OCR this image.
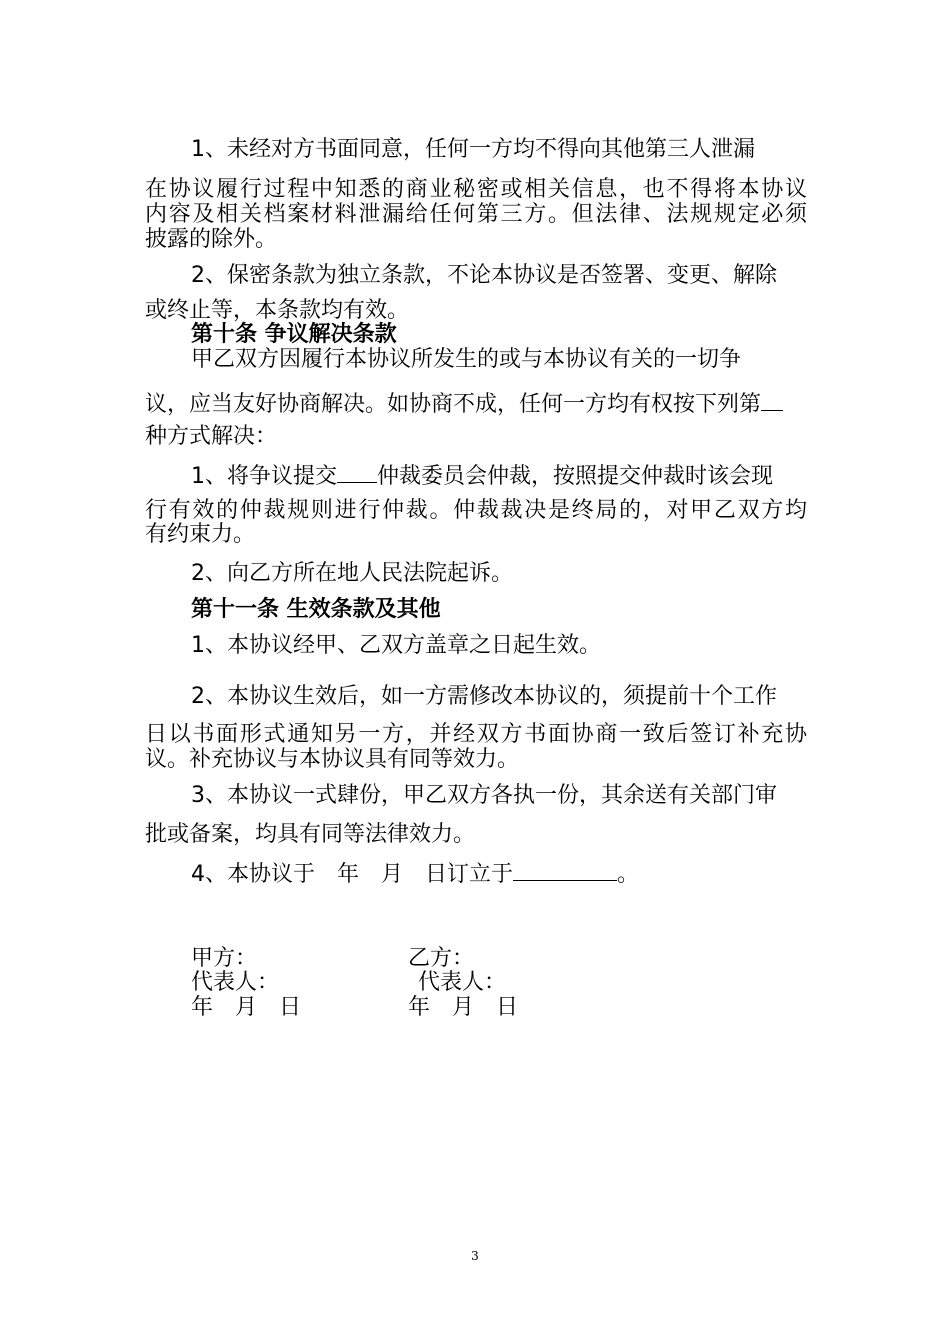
1、未经对方书面同意，任何一方均不得向其他第三人泄漏
在协议履行过程中知悉的商业秘密或相关信息，也不得将本协议
内容及相关档案材料泄漏给任何第三方。但法律、法规规定必须
披露的除外。
2、保密条款为独立条款，不论本协议是否签署、变更、解除
或终止等，本条款均有效。
第十条 争议解决条款
甲乙双方因履行本协议所发生的或与本协议有关的一切争
议，应当友好协商解决。如协商不成，任何一方均有权按下列第
种方式解决：
1、将争议提交 仲裁委员会仲裁，按照提交仲裁时该会现
行有效的仲裁规则进行仲裁。仲裁裁决是终局的，对甲乙双方均
有约束力。
2、向乙方所在地人民法院起诉。
第十一条 生效条款及其他
1、本协议经甲、乙双方盖章之日起生效。
2、本协议生效后，如一方需修改本协议的，须提前十个工作
日以书面形式通知另一方，并经双方书面协商一致后签订补充协
议。补充协议与本协议具有同等效力。
3、本协议一式肆份，甲乙双方各执一份，其余送有关部门审
批或备案，均具有同等法律效力。
4、本协议于　年　月　日订立于	。
甲方：	乙方：
代表人：	代表人：
年　月　日	年　月　日
3
